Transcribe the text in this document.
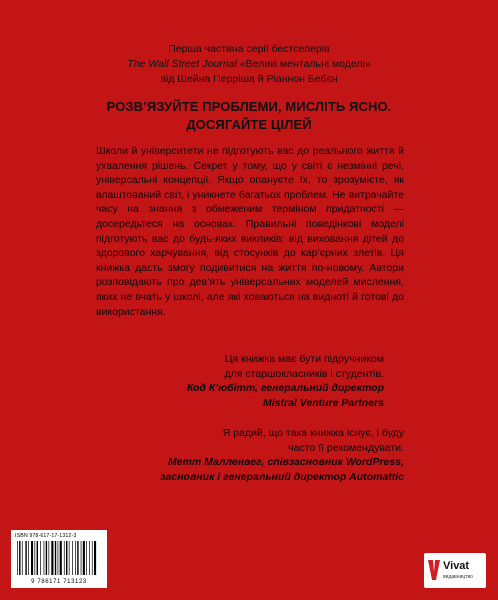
Перша частина серії бестселерів
The Wall Street Journal «Великі ментальні моделі»
від Шейна Перріша й Ріаннон Бебєн
РОЗВ’ЯЗУЙТЕ ПРОБЛЕМИ, МИСЛІТЬ ЯСНО.
ДОСЯГАЙТЕ ЦІЛЕЙ
Школи й університети не підготують вас до реального життя й ухвалення рішень. Секрет у тому, що у світі є незмінні речі, універсальні концепції. Якщо опануєте їх, то зрозумієте, як влаштований світ, і уникнете багатьох проблем. Не витрачайте часу на знання з обмеженим терміном придатності — досередьтеся на основах. Правильні поведінкові моделі підготують вас до будь-яких викликів: від виховання дітей до здорового харчування, від стосунків до кар’єрних злетів. Ця книжка дасть змогу подивитися на життя по-новому. Автори розповідають про дев’ять універсальних моделей мислення, яких не вчать у школі, але які ховаються на видноті й готові до використання.
Ця книжка має бути підручником
для старшокласників і студентів.
Код К’юбітт, генеральний директор
Mistral Venture Partners
Я радий, що така книжка існує, і буду
часто її рекомендувати.
Метт Малленвег, співзасновник WordPress,
засновник і генеральний директор Automattic
ISBN 978-617-17-1312-3
9 786171 713123
Vivat
видавництво
